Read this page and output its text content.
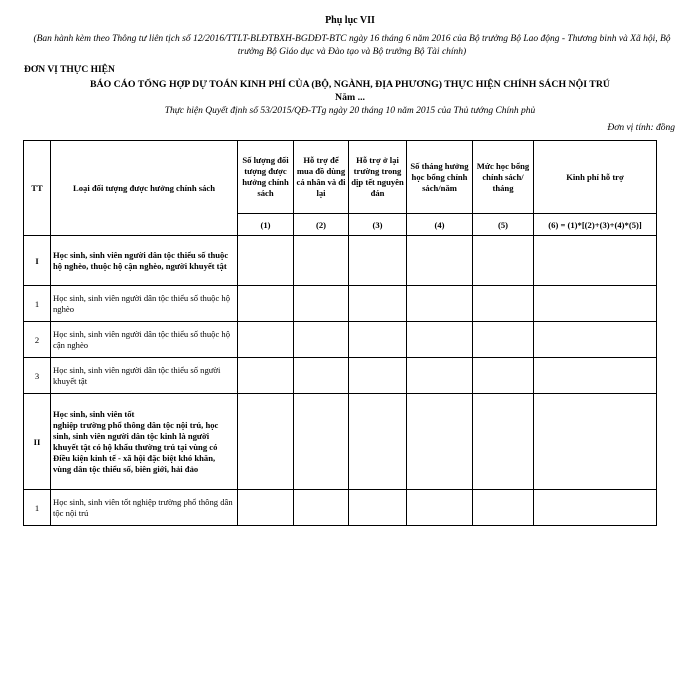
Phụ lục VII
(Ban hành kèm theo Thông tư liên tịch số 12/2016/TTLT-BLĐTBXH-BGDĐT-BTC ngày 16 tháng 6 năm 2016 của Bộ trưởng Bộ Lao động - Thương binh và Xã hội, Bộ trưởng Bộ Giáo dục và Đào tạo và Bộ trưởng Bộ Tài chính)
ĐƠN VỊ THỰC HIỆN
BÁO CÁO TỔNG HỢP DỰ TOÁN KINH PHÍ CỦA (BỘ, NGÀNH, ĐỊA PHƯƠNG) THỰC HIỆN CHÍNH SÁCH NỘI TRÚ
Năm ...
Thực hiện Quyết định số 53/2015/QĐ-TTg ngày 20 tháng 10 năm 2015 của Thủ tướng Chính phủ
Đơn vị tính: đồng
TT	Loại đối tượng được hưởng chính sách	Số lượng đối tượng được hưởng chính sách	Hỗ trợ để mua đồ dùng cá nhân và đi lại	Hỗ trợ ở lại trường trong dịp tết nguyên đán	Số tháng hưởng học bổng chính sách/năm	Mức học bổng chính sách/ tháng	Kinh phí hỗ trợ
		(1)	(2)	(3)	(4)	(5)	(6) = (1)*[(2)+(3)+(4)*(5)]
I	Học sinh, sinh viên người dân tộc thiểu số thuộc hộ nghèo, thuộc hộ cận nghèo, người khuyết tật						
1	Học sinh, sinh viên người dân tộc thiểu số thuộc hộ nghèo						
2	Học sinh, sinh viên người dân tộc thiểu số thuộc hộ cận nghèo						
3	Học sinh, sinh viên người dân tộc thiểu số người khuyết tật						
II	Học sinh, sinh viên tốt
nghiệp trường phổ thông dân tộc nội trú, học sinh, sinh viên người dân tộc kinh là người khuyết tật có hộ khẩu thường trú tại vùng có Điều kiện kinh tế - xã hội đặc biệt khó khăn, vùng dân tộc thiểu số, biên giới, hải đảo						

1	Học sinh, sinh viên tốt nghiệp trường phổ thông dân tộc nội trú						
